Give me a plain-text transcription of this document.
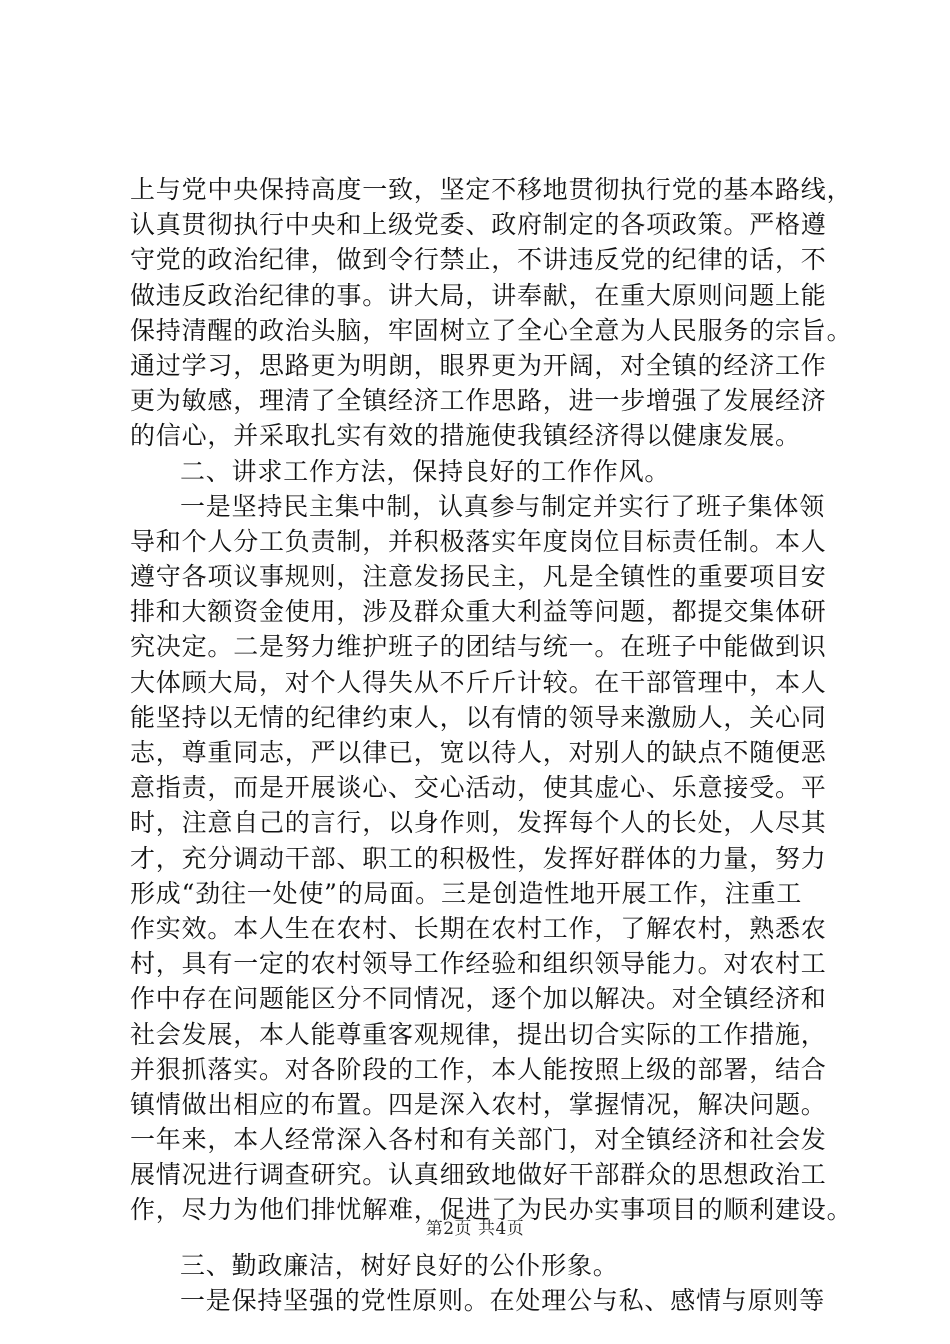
上与党中央保持高度一致，坚定不移地贯彻执行党的基本路线，
认真贯彻执行中央和上级党委、政府制定的各项政策。严格遵
守党的政治纪律，做到令行禁止，不讲违反党的纪律的话，不
做违反政治纪律的事。讲大局，讲奉献，在重大原则问题上能
保持清醒的政治头脑，牢固树立了全心全意为人民服务的宗旨。
通过学习，思路更为明朗，眼界更为开阔，对全镇的经济工作
更为敏感，理清了全镇经济工作思路，进一步增强了发展经济
的信心，并采取扎实有效的措施使我镇经济得以健康发展。
二、讲求工作方法，保持良好的工作作风。
一是坚持民主集中制，认真参与制定并实行了班子集体领
导和个人分工负责制，并积极落实年度岗位目标责任制。本人
遵守各项议事规则，注意发扬民主，凡是全镇性的重要项目安
排和大额资金使用，涉及群众重大利益等问题，都提交集体研
究决定。二是努力维护班子的团结与统一。在班子中能做到识
大体顾大局，对个人得失从不斤斤计较。在干部管理中，本人
能坚持以无情的纪律约束人，以有情的领导来激励人，关心同
志，尊重同志，严以律已，宽以待人，对别人的缺点不随便恶
意指责，而是开展谈心、交心活动，使其虚心、乐意接受。平
时，注意自己的言行，以身作则，发挥每个人的长处，人尽其
才，充分调动干部、职工的积极性，发挥好群体的力量，努力
形成“劲往一处使”的局面。三是创造性地开展工作，注重工
作实效。本人生在农村、长期在农村工作，了解农村，熟悉农
村，具有一定的农村领导工作经验和组织领导能力。对农村工
作中存在问题能区分不同情况，逐个加以解决。对全镇经济和
社会发展，本人能尊重客观规律，提出切合实际的工作措施，
并狠抓落实。对各阶段的工作，本人能按照上级的部署，结合
镇情做出相应的布置。四是深入农村，掌握情况，解决问题。
一年来，本人经常深入各村和有关部门，对全镇经济和社会发
展情况进行调查研究。认真细致地做好干部群众的思想政治工
作，尽力为他们排忧解难，促进了为民办实事项目的顺利建设。
三、勤政廉洁，树好良好的公仆形象。
一是保持坚强的党性原则。在处理公与私、感情与原则等
第2页 共4页
